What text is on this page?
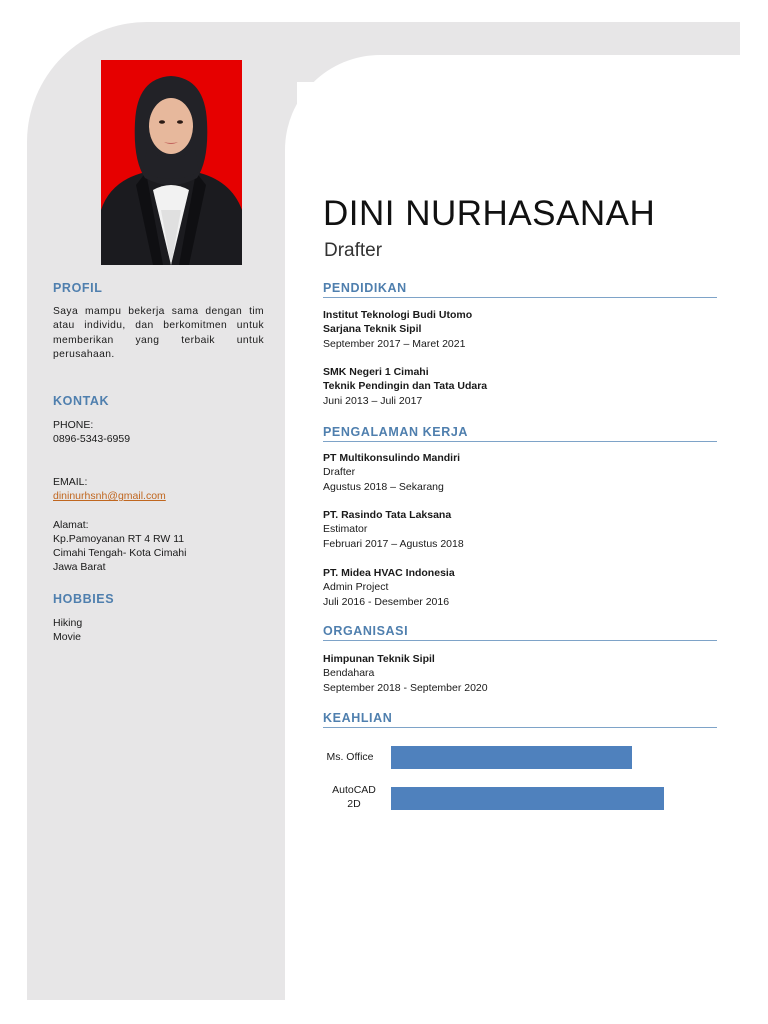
PROFIL
Saya mampu bekerja sama dengan tim atau individu, dan berkomitmen untuk memberikan yang terbaik untuk perusahaan.
KONTAK
PHONE:
0896-5343-6959
EMAIL:
dininurhsnh@gmail.com
Alamat:
Kp.Pamoyanan RT 4 RW 11
Cimahi Tengah- Kota Cimahi
Jawa Barat
HOBBIES
Hiking
Movie
DINI NURHASANAH
Drafter
PENDIDIKAN
Institut Teknologi Budi Utomo
Sarjana Teknik Sipil
September 2017 – Maret 2021
SMK Negeri 1 Cimahi
Teknik Pendingin dan Tata Udara
Juni 2013 – Juli 2017
PENGALAMAN KERJA
PT Multikonsulindo Mandiri
Drafter
Agustus 2018 – Sekarang
PT. Rasindo Tata Laksana
Estimator
Februari 2017 – Agustus 2018
PT. Midea HVAC Indonesia
Admin Project
Juli 2016 - Desember 2016
ORGANISASI
Himpunan Teknik Sipil
Bendahara
September 2018 - September 2020
KEAHLIAN
Ms. Office
AutoCAD
2D
